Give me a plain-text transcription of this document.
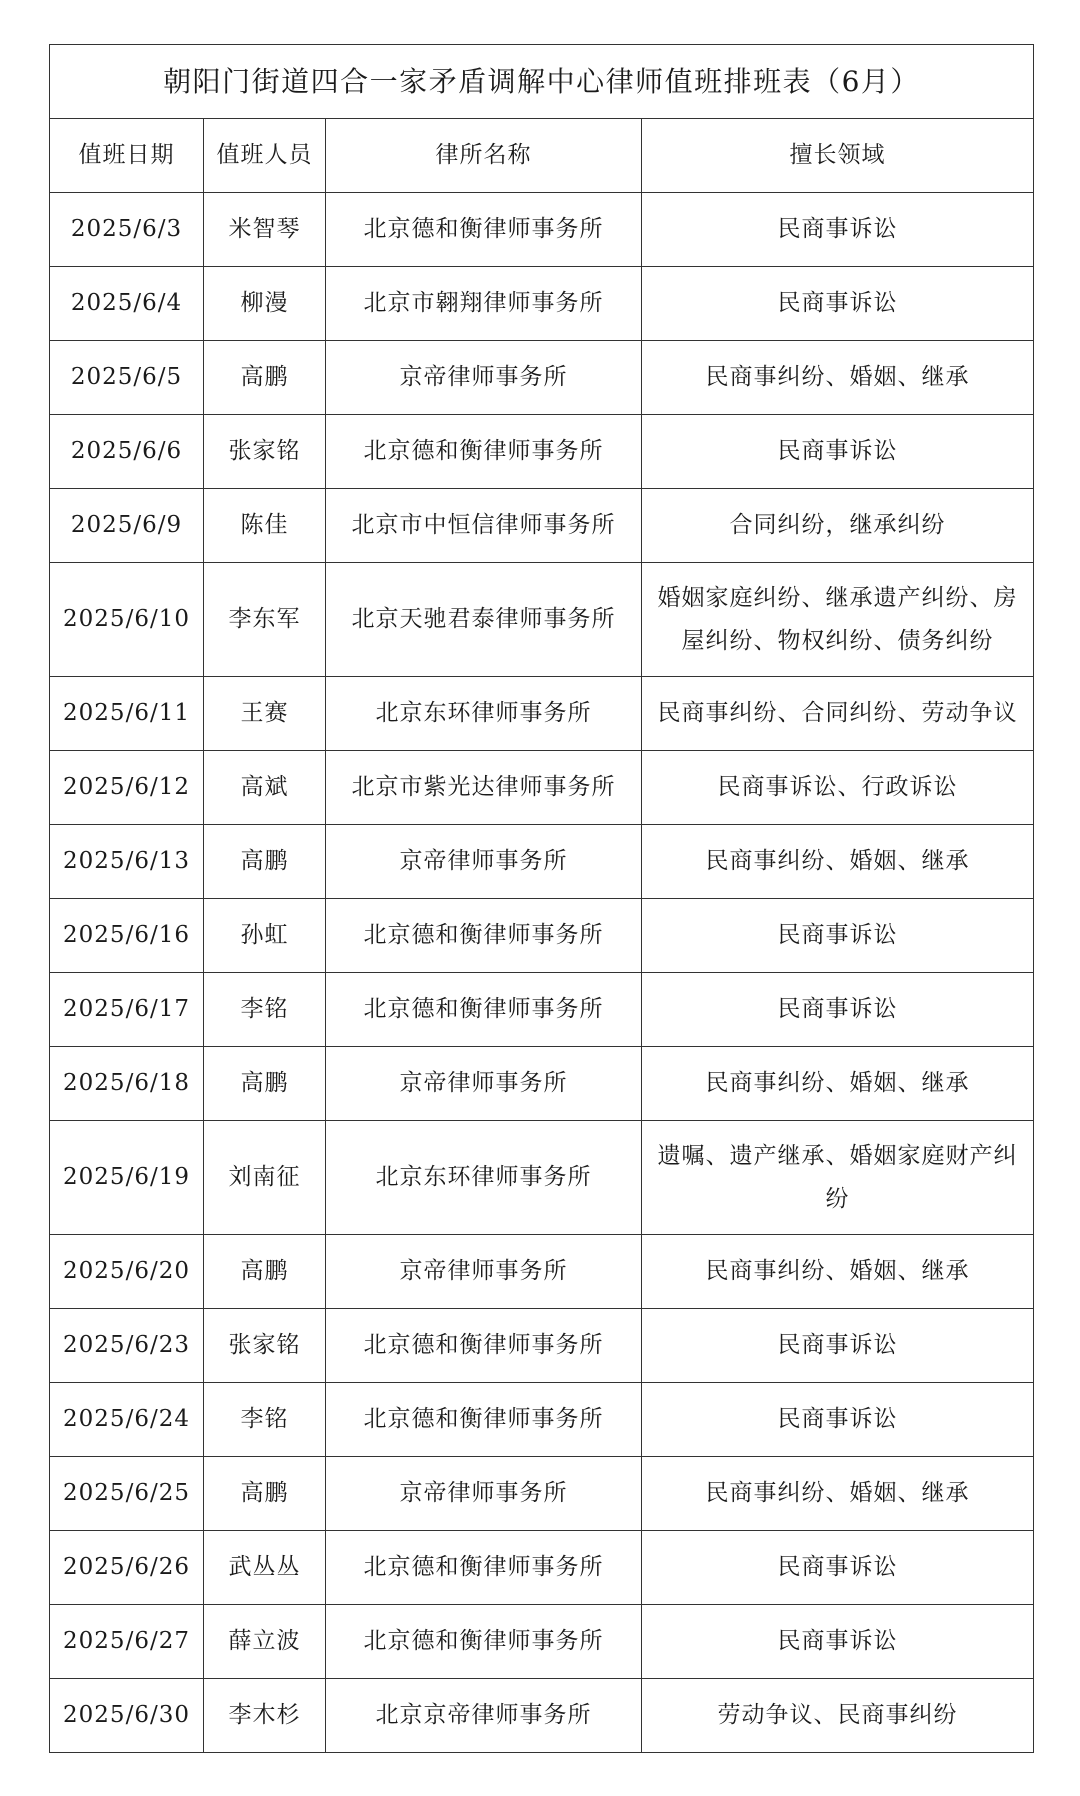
朝阳门街道四合一家矛盾调解中心律师值班排班表（6月）			
值班日期	值班人员	律所名称	擅长领域
2025/6/3	米智琴	北京德和衡律师事务所	民商事诉讼
2025/6/4	柳漫	北京市翱翔律师事务所	民商事诉讼
2025/6/5	高鹏	京帝律师事务所	民商事纠纷、婚姻、继承
2025/6/6	张家铭	北京德和衡律师事务所	民商事诉讼
2025/6/9	陈佳	北京市中恒信律师事务所	合同纠纷，继承纠纷
2025/6/10	李东军	北京天驰君泰律师事务所	婚姻家庭纠纷、继承遗产纠纷、房屋纠纷、物权纠纷、债务纠纷
2025/6/11	王赛	北京东环律师事务所	民商事纠纷、合同纠纷、劳动争议
2025/6/12	高斌	北京市紫光达律师事务所	民商事诉讼、行政诉讼
2025/6/13	高鹏	京帝律师事务所	民商事纠纷、婚姻、继承
2025/6/16	孙虹	北京德和衡律师事务所	民商事诉讼
2025/6/17	李铭	北京德和衡律师事务所	民商事诉讼
2025/6/18	高鹏	京帝律师事务所	民商事纠纷、婚姻、继承
2025/6/19	刘南征	北京东环律师事务所	遗嘱、遗产继承、婚姻家庭财产纠纷
2025/6/20	高鹏	京帝律师事务所	民商事纠纷、婚姻、继承
2025/6/23	张家铭	北京德和衡律师事务所	民商事诉讼
2025/6/24	李铭	北京德和衡律师事务所	民商事诉讼
2025/6/25	高鹏	京帝律师事务所	民商事纠纷、婚姻、继承
2025/6/26	武丛丛	北京德和衡律师事务所	民商事诉讼
2025/6/27	薛立波	北京德和衡律师事务所	民商事诉讼
2025/6/30	李木杉	北京京帝律师事务所	劳动争议、民商事纠纷
